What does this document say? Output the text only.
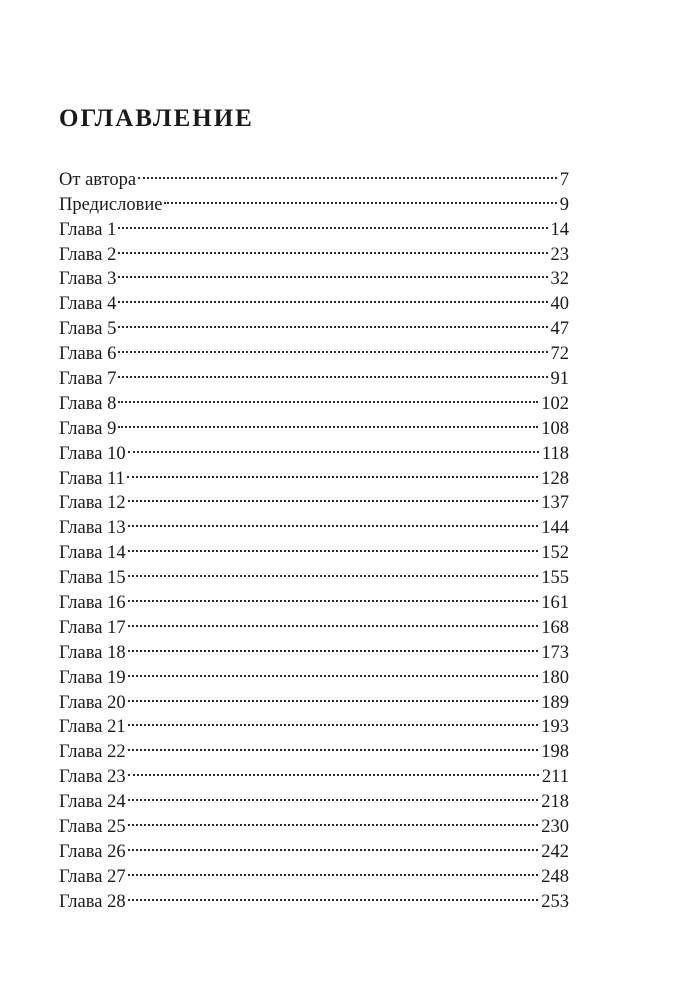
ОГЛАВЛЕНИЕ
От автора	7
Предисловие	9
Глава 1	14
Глава 2	23
Глава 3	32
Глава 4	40
Глава 5	47
Глава 6	72
Глава 7	91
Глава 8	102
Глава 9	108
Глава 10	118
Глава 11	128
Глава 12	137
Глава 13	144
Глава 14	152
Глава 15	155
Глава 16	161
Глава 17	168
Глава 18	173
Глава 19	180
Глава 20	189
Глава 21	193
Глава 22	198
Глава 23	211
Глава 24	218
Глава 25	230
Глава 26	242
Глава 27	248
Глава 28	253
